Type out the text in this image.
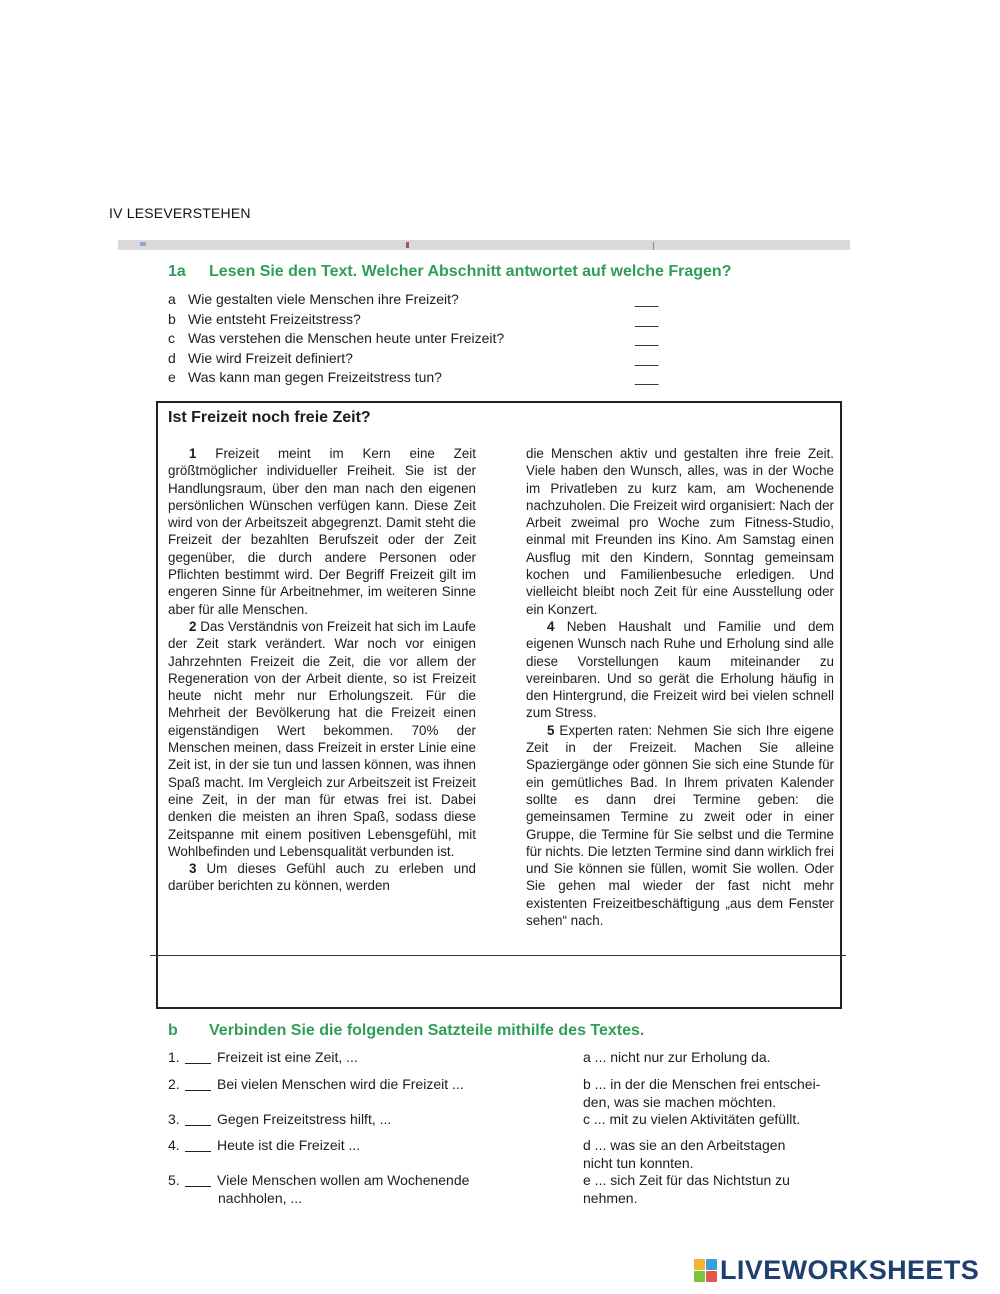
IV LESEVERSTEHEN
1a Lesen Sie den Text. Welcher Abschnitt antwortet auf welche Fragen?
a Wie gestalten viele Menschen ihre Freizeit?	___
b Wie entsteht Freizeitstress?	___
c Was verstehen die Menschen heute unter Freizeit?	___
d Wie wird Freizeit definiert?	___
e Was kann man gegen Freizeitstress tun?	___
Ist Freizeit noch freie Zeit?

1 Freizeit meint im Kern eine Zeit größtmöglicher individueller Freiheit. Sie ist der Handlungsraum, über den man nach den eigenen persönlichen Wünschen verfügen kann. Diese Zeit wird von der Arbeitszeit abgegrenzt. Damit steht die Freizeit der bezahlten Berufszeit oder der Zeit gegenüber, die durch andere Personen oder Pflichten bestimmt wird. Der Begriff Freizeit gilt im engeren Sinne für Arbeitnehmer, im weiteren Sinne aber für alle Menschen.

2 Das Verständnis von Freizeit hat sich im Laufe der Zeit stark verändert. War noch vor einigen Jahrzehnten Freizeit die Zeit, die vor allem der Regeneration von der Arbeit diente, so ist Freizeit heute nicht mehr nur Erholungszeit. Für die Mehrheit der Bevölkerung hat die Freizeit einen eigenständigen Wert bekommen. 70% der Menschen meinen, dass Freizeit in erster Linie eine Zeit ist, in der sie tun und lassen können, was ihnen Spaß macht. Im Vergleich zur Arbeitszeit ist Freizeit eine Zeit, in der man für etwas frei ist. Dabei denken die meisten an ihren Spaß, sodass diese Zeitspanne mit einem positiven Lebensgefühl, mit Wohlbefinden und Lebensqualität verbunden ist.

3 Um dieses Gefühl auch zu erleben und darüber berichten zu können, werden

die Menschen aktiv und gestalten ihre freie Zeit. Viele haben den Wunsch, alles, was in der Woche im Privatleben zu kurz kam, am Wochenende nachzuholen. Die Freizeit wird organisiert: Nach der Arbeit zweimal pro Woche zum Fitness-Studio, einmal mit Freunden ins Kino. Am Samstag einen Ausflug mit den Kindern, Sonntag gemeinsam kochen und Familienbesuche erledigen. Und vielleicht bleibt noch Zeit für eine Ausstellung oder ein Konzert.

4 Neben Haushalt und Familie und dem eigenen Wunsch nach Ruhe und Erholung sind alle diese Vorstellungen kaum miteinander zu vereinbaren. Und so gerät die Erholung häufig in den Hintergrund, die Freizeit wird bei vielen schnell zum Stress.

5 Experten raten: Nehmen Sie sich Ihre eigene Zeit in der Freizeit. Machen Sie alleine Spaziergänge oder gönnen Sie sich eine Stunde für ein gemütliches Bad. In Ihrem privaten Kalender sollte es dann drei Termine geben: die gemeinsamen Termine zu zweit oder in einer Gruppe, die Termine für Sie selbst und die Termine für nichts. Die letzten Termine sind dann wirklich frei und Sie können sie füllen, womit Sie wollen. Oder Sie gehen mal wieder der fast nicht mehr existenten Freizeitbeschäftigung „aus dem Fenster sehen“ nach.

b Verbinden Sie die folgenden Satzteile mithilfe des Textes.
1.	Freizeit ist eine Zeit, ...
2.	Bei vielen Menschen wird die Freizeit ...
3.	Gegen Freizeitstress hilft, ...
4.	Heute ist die Freizeit ...
5.	Viele Menschen wollen am Wochenende
nachholen, ...
a ... nicht nur zur Erholung da.
b ... in der die Menschen frei entschei-
den, was sie machen möchten.
c ... mit zu vielen Aktivitäten gefüllt.
d ... was sie an den Arbeitstagen
nicht tun konnten.
e ... sich Zeit für das Nichtstun zu
nehmen.
LIVEWORKSHEETS
